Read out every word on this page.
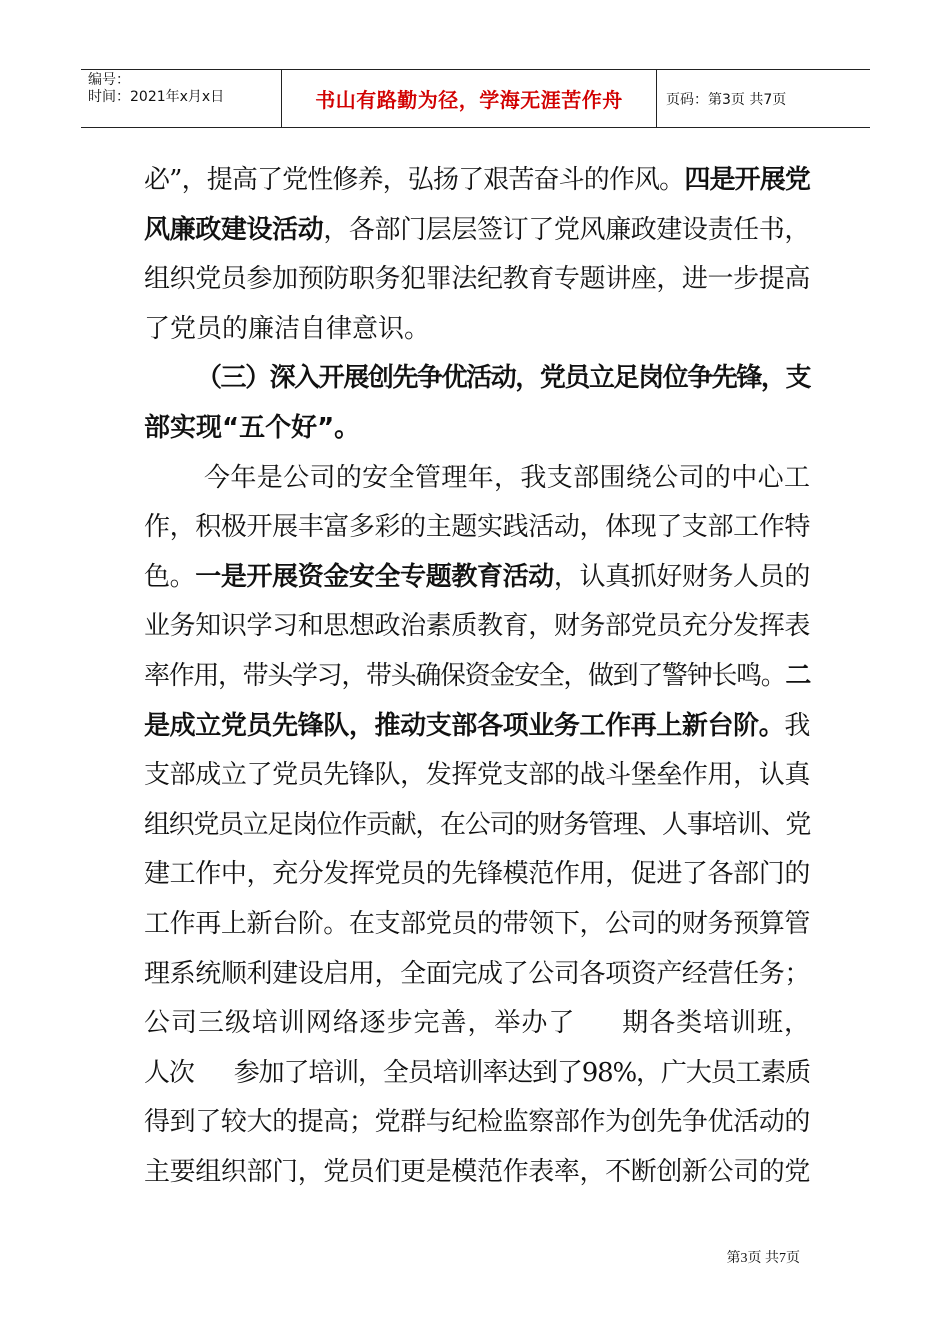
编号：
时间：2021年x月x日	书山有路勤为径，学海无涯苦作舟	页码：第3页 共7页
必”，提高了党性修养，弘扬了艰苦奋斗的作风。四是开展党
风廉政建设活动，各部门层层签订了党风廉政建设责任书，
组织党员参加预防职务犯罪法纪教育专题讲座，进一步提高
了党员的廉洁自律意识。
（三）深入开展创先争优活动，党员立足岗位争先锋，支
部实现“五个好”。
今年是公司的安全管理年，我支部围绕公司的中心工
作，积极开展丰富多彩的主题实践活动，体现了支部工作特
色。一是开展资金安全专题教育活动，认真抓好财务人员的
业务知识学习和思想政治素质教育，财务部党员充分发挥表
率作用，带头学习，带头确保资金安全，做到了警钟长鸣。二
是成立党员先锋队，推动支部各项业务工作再上新台阶。我
支部成立了党员先锋队，发挥党支部的战斗堡垒作用，认真
组织党员立足岗位作贡献，在公司的财务管理、人事培训、党
建工作中，充分发挥党员的先锋模范作用，促进了各部门的
工作再上新台阶。在支部党员的带领下，公司的财务预算管
理系统顺利建设启用，全面完成了公司各项资产经营任务；
公司三级培训网络逐步完善，举办了 期各类培训班，
人次 参加了培训，全员培训率达到了98%，广大员工素质
得到了较大的提高；党群与纪检监察部作为创先争优活动的
主要组织部门，党员们更是模范作表率，不断创新公司的党
第3页 共7页
